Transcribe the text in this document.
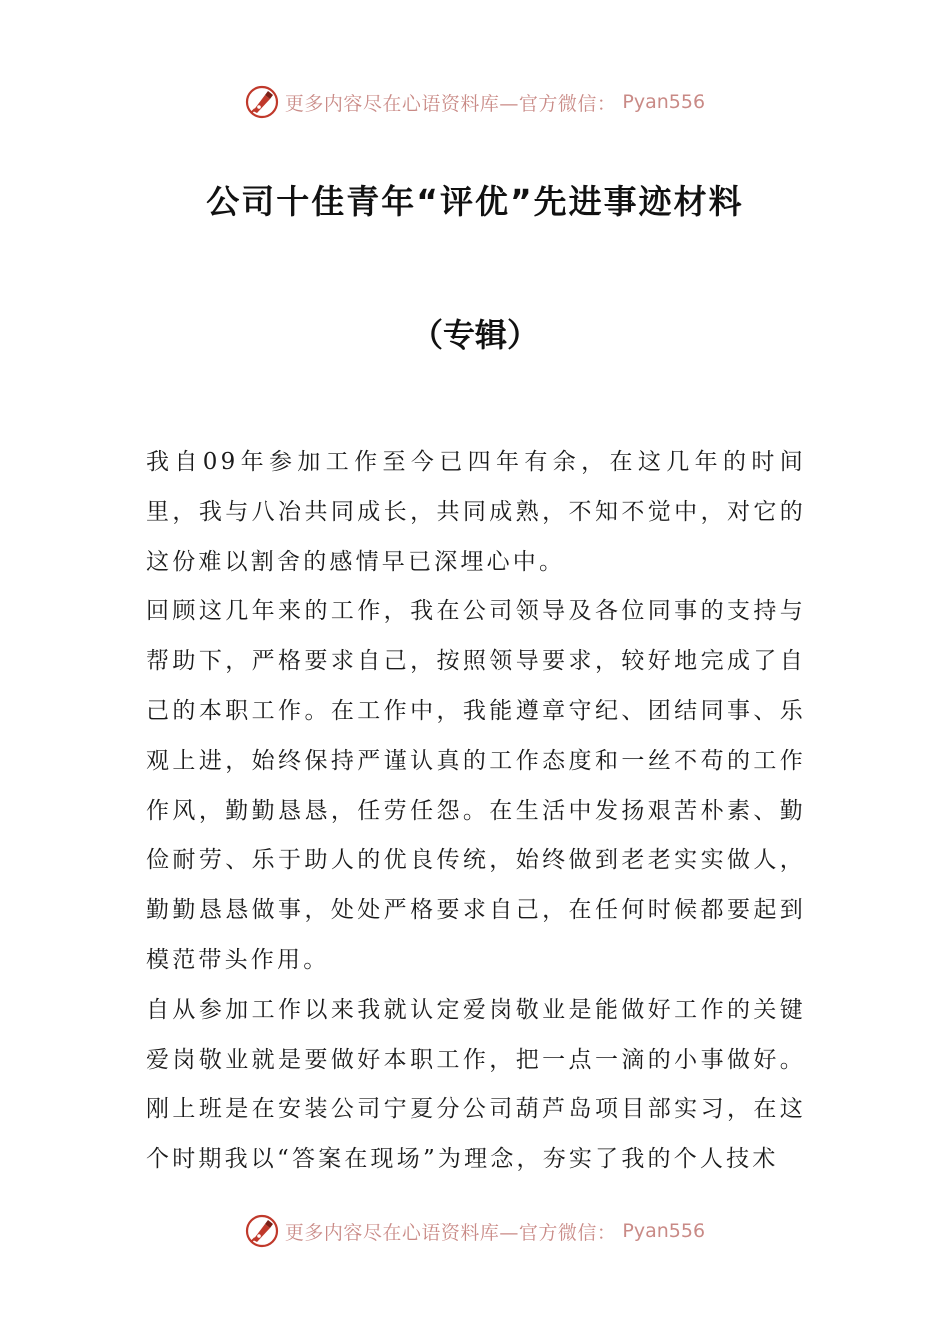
更多内容尽在心语资料库—官方微信： Pyan556
公司十佳青年“评优”先进事迹材料
（专辑）

我自09年参加工作至今已四年有余，在这几年的时间里，我与八冶共同成长，共同成熟，不知不觉中，对它的这份难以割舍的感情早已深埋心中。

回顾这几年来的工作，我在公司领导及各位同事的支持与帮助下，严格要求自己，按照领导要求，较好地完成了自己的本职工作。在工作中，我能遵章守纪、团结同事、乐观上进，始终保持严谨认真的工作态度和一丝不苟的工作作风，勤勤恳恳，任劳任怨。在生活中发扬艰苦朴素、勤俭耐劳、乐于助人的优良传统，始终做到老老实实做人，勤勤恳恳做事，处处严格要求自己，在任何时候都要起到模范带头作用。

自从参加工作以来我就认定爱岗敬业是能做好工作的关键爱岗敬业就是要做好本职工作，把一点一滴的小事做好。刚上班是在安装公司宁夏分公司葫芦岛项目部实习，在这个时期我以“答案在现场”为理念，夯实了我的个人技术

更多内容尽在心语资料库—官方微信： Pyan556
